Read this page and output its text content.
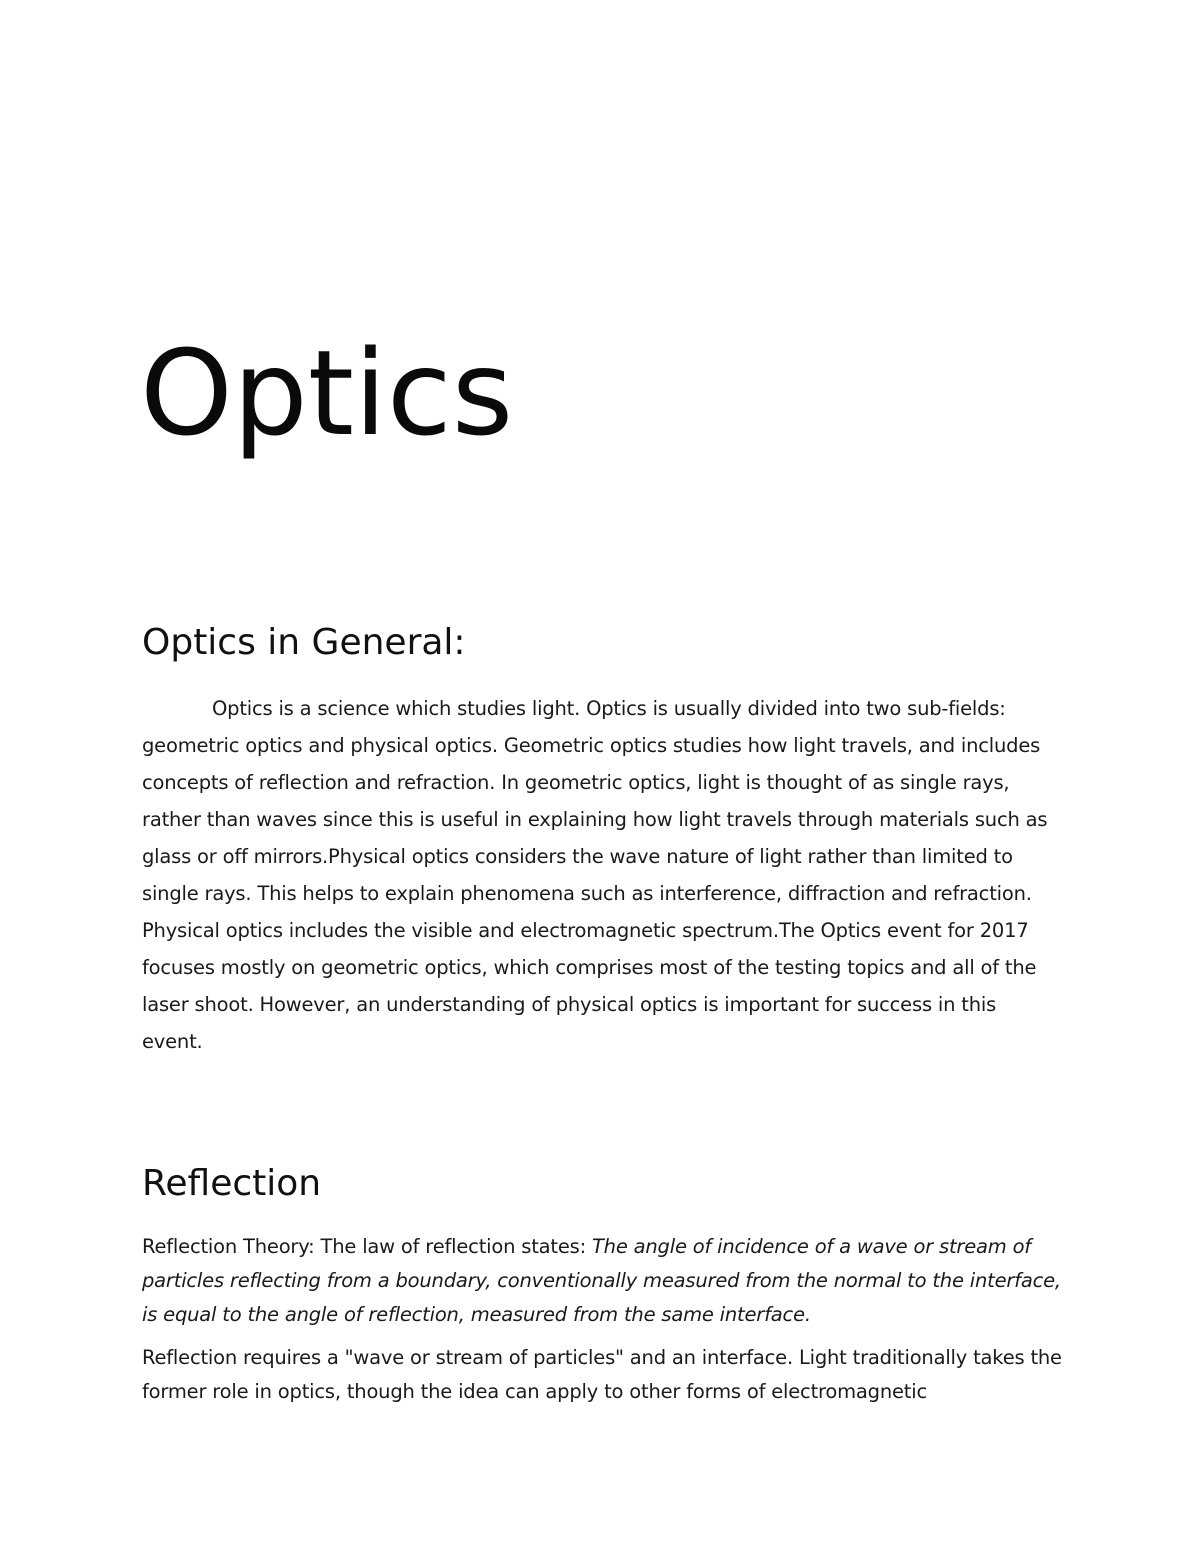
Optics
Optics in General:

Optics is a science which studies light. Optics is usually divided into two sub-fields: geometric optics and physical optics. Geometric optics studies how light travels, and includes concepts of reflection and refraction. In geometric optics, light is thought of as single rays, rather than waves since this is useful in explaining how light travels through materials such as glass or off mirrors.Physical optics considers the wave nature of light rather than limited to single rays. This helps to explain phenomena such as interference, diffraction and refraction. Physical optics includes the visible and electromagnetic spectrum.The Optics event for 2017 focuses mostly on geometric optics, which comprises most of the testing topics and all of the laser shoot. However, an understanding of physical optics is important for success in this event.

Reflection

Reflection Theory: The law of reflection states: The angle of incidence of a wave or stream of particles reflecting from a boundary, conventionally measured from the normal to the interface, is equal to the angle of reflection, measured from the same interface.

Reflection requires a "wave or stream of particles" and an interface. Light traditionally takes the former role in optics, though the idea can apply to other forms of electromagnetic
